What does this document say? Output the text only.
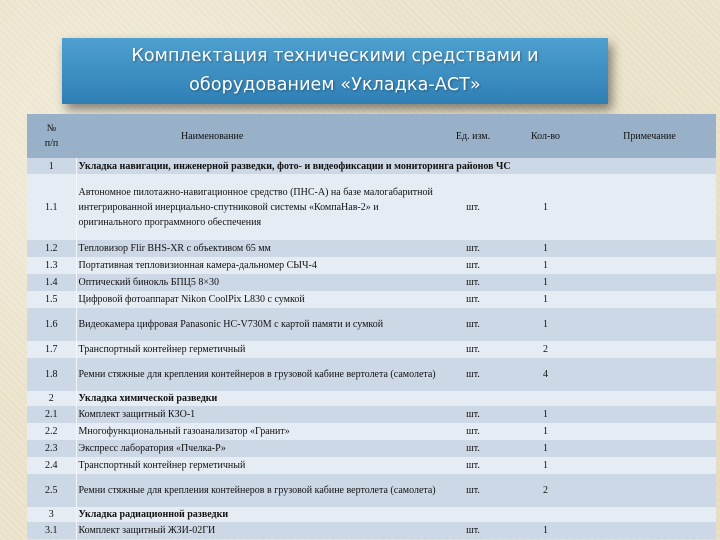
Комплектация техническими средствами и
оборудованием «Укладка-АСТ»
№
п/п	Наименование	Ед. изм.	Кол-во	Примечание
1	Укладка навигации, инженерной разведки, фото- и видеофиксации и мониторинга районов ЧС			
1.1	Автономное пилотажно-навигационное средство (ПНС-А) на базе малогабаритной интегрированной инерциально-спутниковой системы «КомпаНав-2» и оригинального программного обеспечения	шт.	1	
1.2	Тепловизор Flir BHS-XR с объективом 65 мм	шт.	1	
1.3	Портативная тепловизионная камера-дальномер СЫЧ-4	шт.	1	
1.4	Оптический бинокль БПЦ5 8×30	шт.	1	
1.5	Цифровой фотоаппарат Nikon CoolPix L830 с сумкой	шт.	1	
1.6	Видеокамера цифровая Panasonic HC-V730M с картой памяти и сумкой	шт.	1	
1.7	Транспортный контейнер герметичный	шт.	2	
1.8	Ремни стяжные для крепления контейнеров в грузовой кабине вертолета (самолета)	шт.	4	
2	Укладка химической разведки			
2.1	Комплект защитный КЗО-1	шт.	1	
2.2	Многофункциональный газоанализатор «Гранит»	шт.	1	
2.3	Экспресс лаборатория «Пчелка-Р»	шт.	1	
2.4	Транспортный контейнер герметичный	шт.	1	
2.5	Ремни стяжные для крепления контейнеров в грузовой кабине вертолета (самолета)	шт.	2	
3	Укладка радиационной разведки			
3.1	Комплект защитный ЖЗИ-02ГИ	шт.	1	
